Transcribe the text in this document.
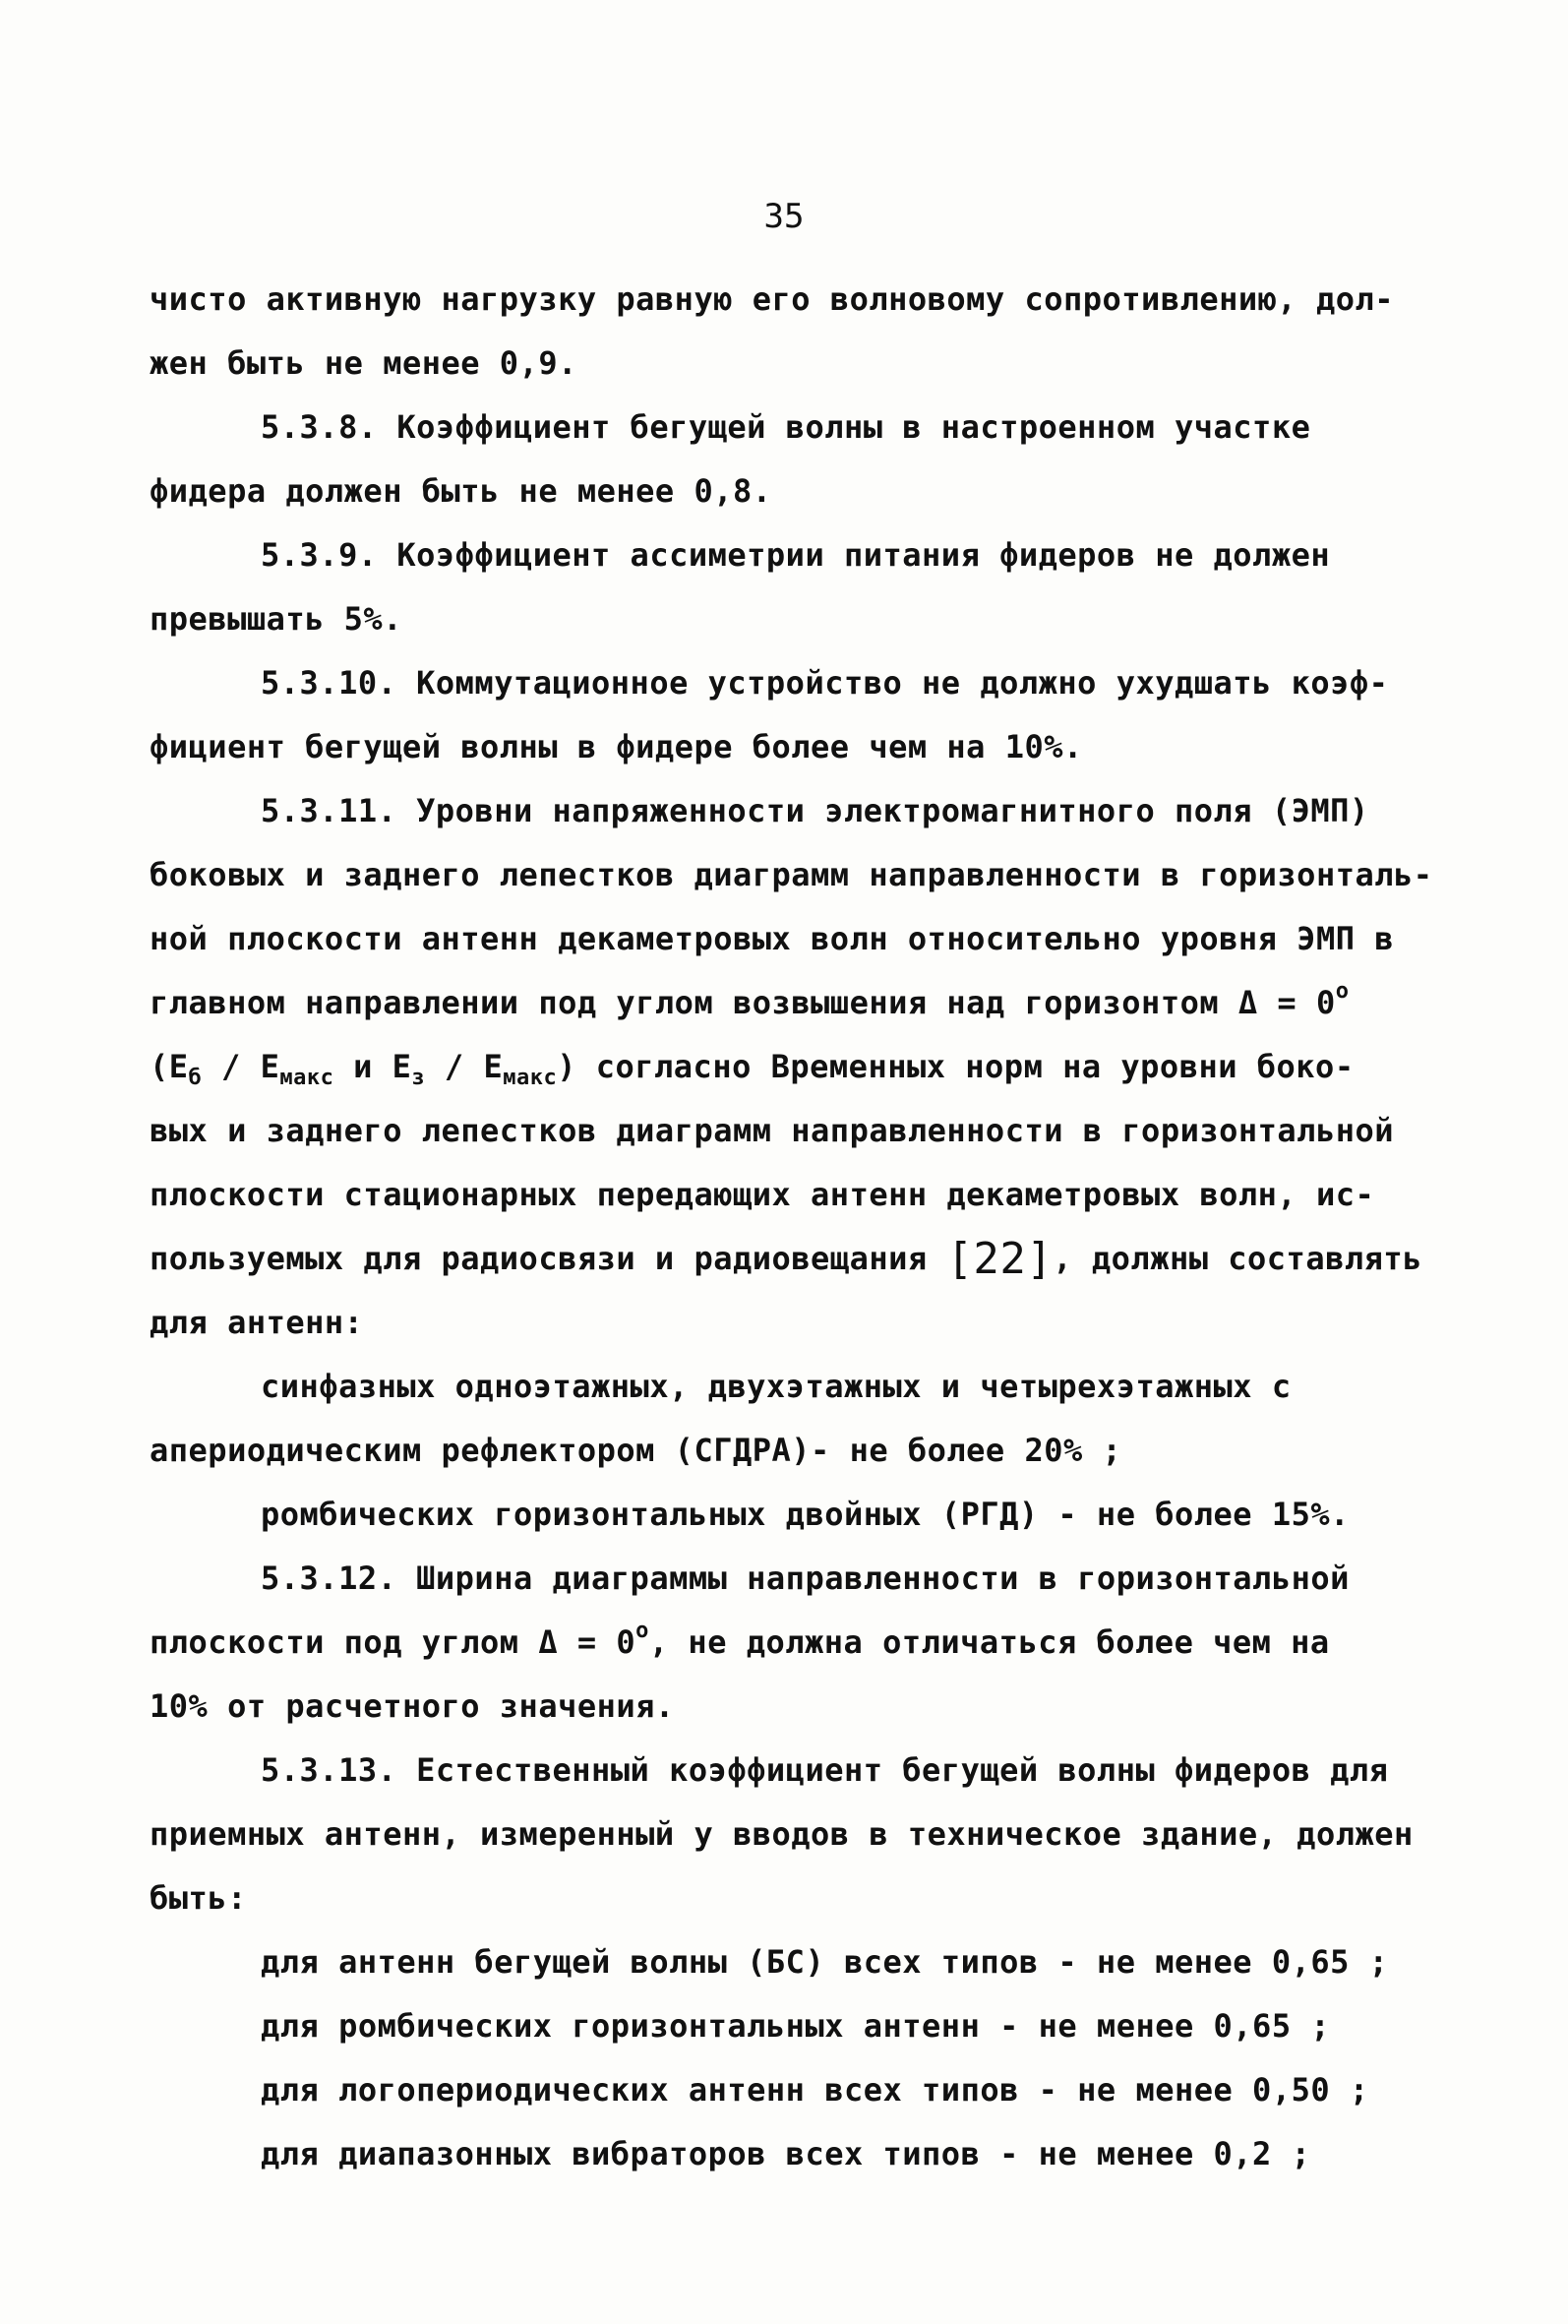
35
чисто активную нагрузку равную его волновому сопротивлению, дол-
жен быть не менее 0,9.
5.3.8. Коэффициент бегущей волны в настроенном участке
фидера должен быть не менее 0,8.
5.3.9. Коэффициент ассиметрии питания фидеров не должен
превышать 5%.
5.3.10. Коммутационное устройство не должно ухудшать коэф-
фициент бегущей волны в фидере более чем на 10%.
5.3.11. Уровни напряженности электромагнитного поля (ЭМП)
боковых и заднего лепестков диаграмм направленности в горизонталь-
ной плоскости антенн декаметровых волн относительно уровня ЭМП в
главном направлении под углом возвышения над горизонтом $\Delta = 0^o$
($E_б / E_{макс}$ и $E_з / E_{макс}$) согласно Временных норм на уровни боко-
вых и заднего лепестков диаграмм направленности в горизонтальной
плоскости стационарных передающих антенн декаметровых волн, ис-
пользуемых для радиосвязи и радиовещания [22], должны составлять
для антенн:
синфазных одноэтажных, двухэтажных и четырехэтажных с
апериодическим рефлектором (СГДРА)- не более 20% ;
ромбических горизонтальных двойных (РГД) - не более 15%.
5.3.12. Ширина диаграммы направленности в горизонтальной
плоскости под углом $\Delta = 0^o$, не должна отличаться более чем на
10% от расчетного значения.
5.3.13. Естественный коэффициент бегущей волны фидеров для
приемных антенн, измеренный у вводов в техническое здание, должен
быть:
для антенн бегущей волны (БС) всех типов - не менее 0,65 ;
для ромбических горизонтальных антенн - не менее 0,65 ;
для логопериодических антенн всех типов - не менее 0,50 ;
для диапазонных вибраторов всех типов - не менее 0,2 ;
